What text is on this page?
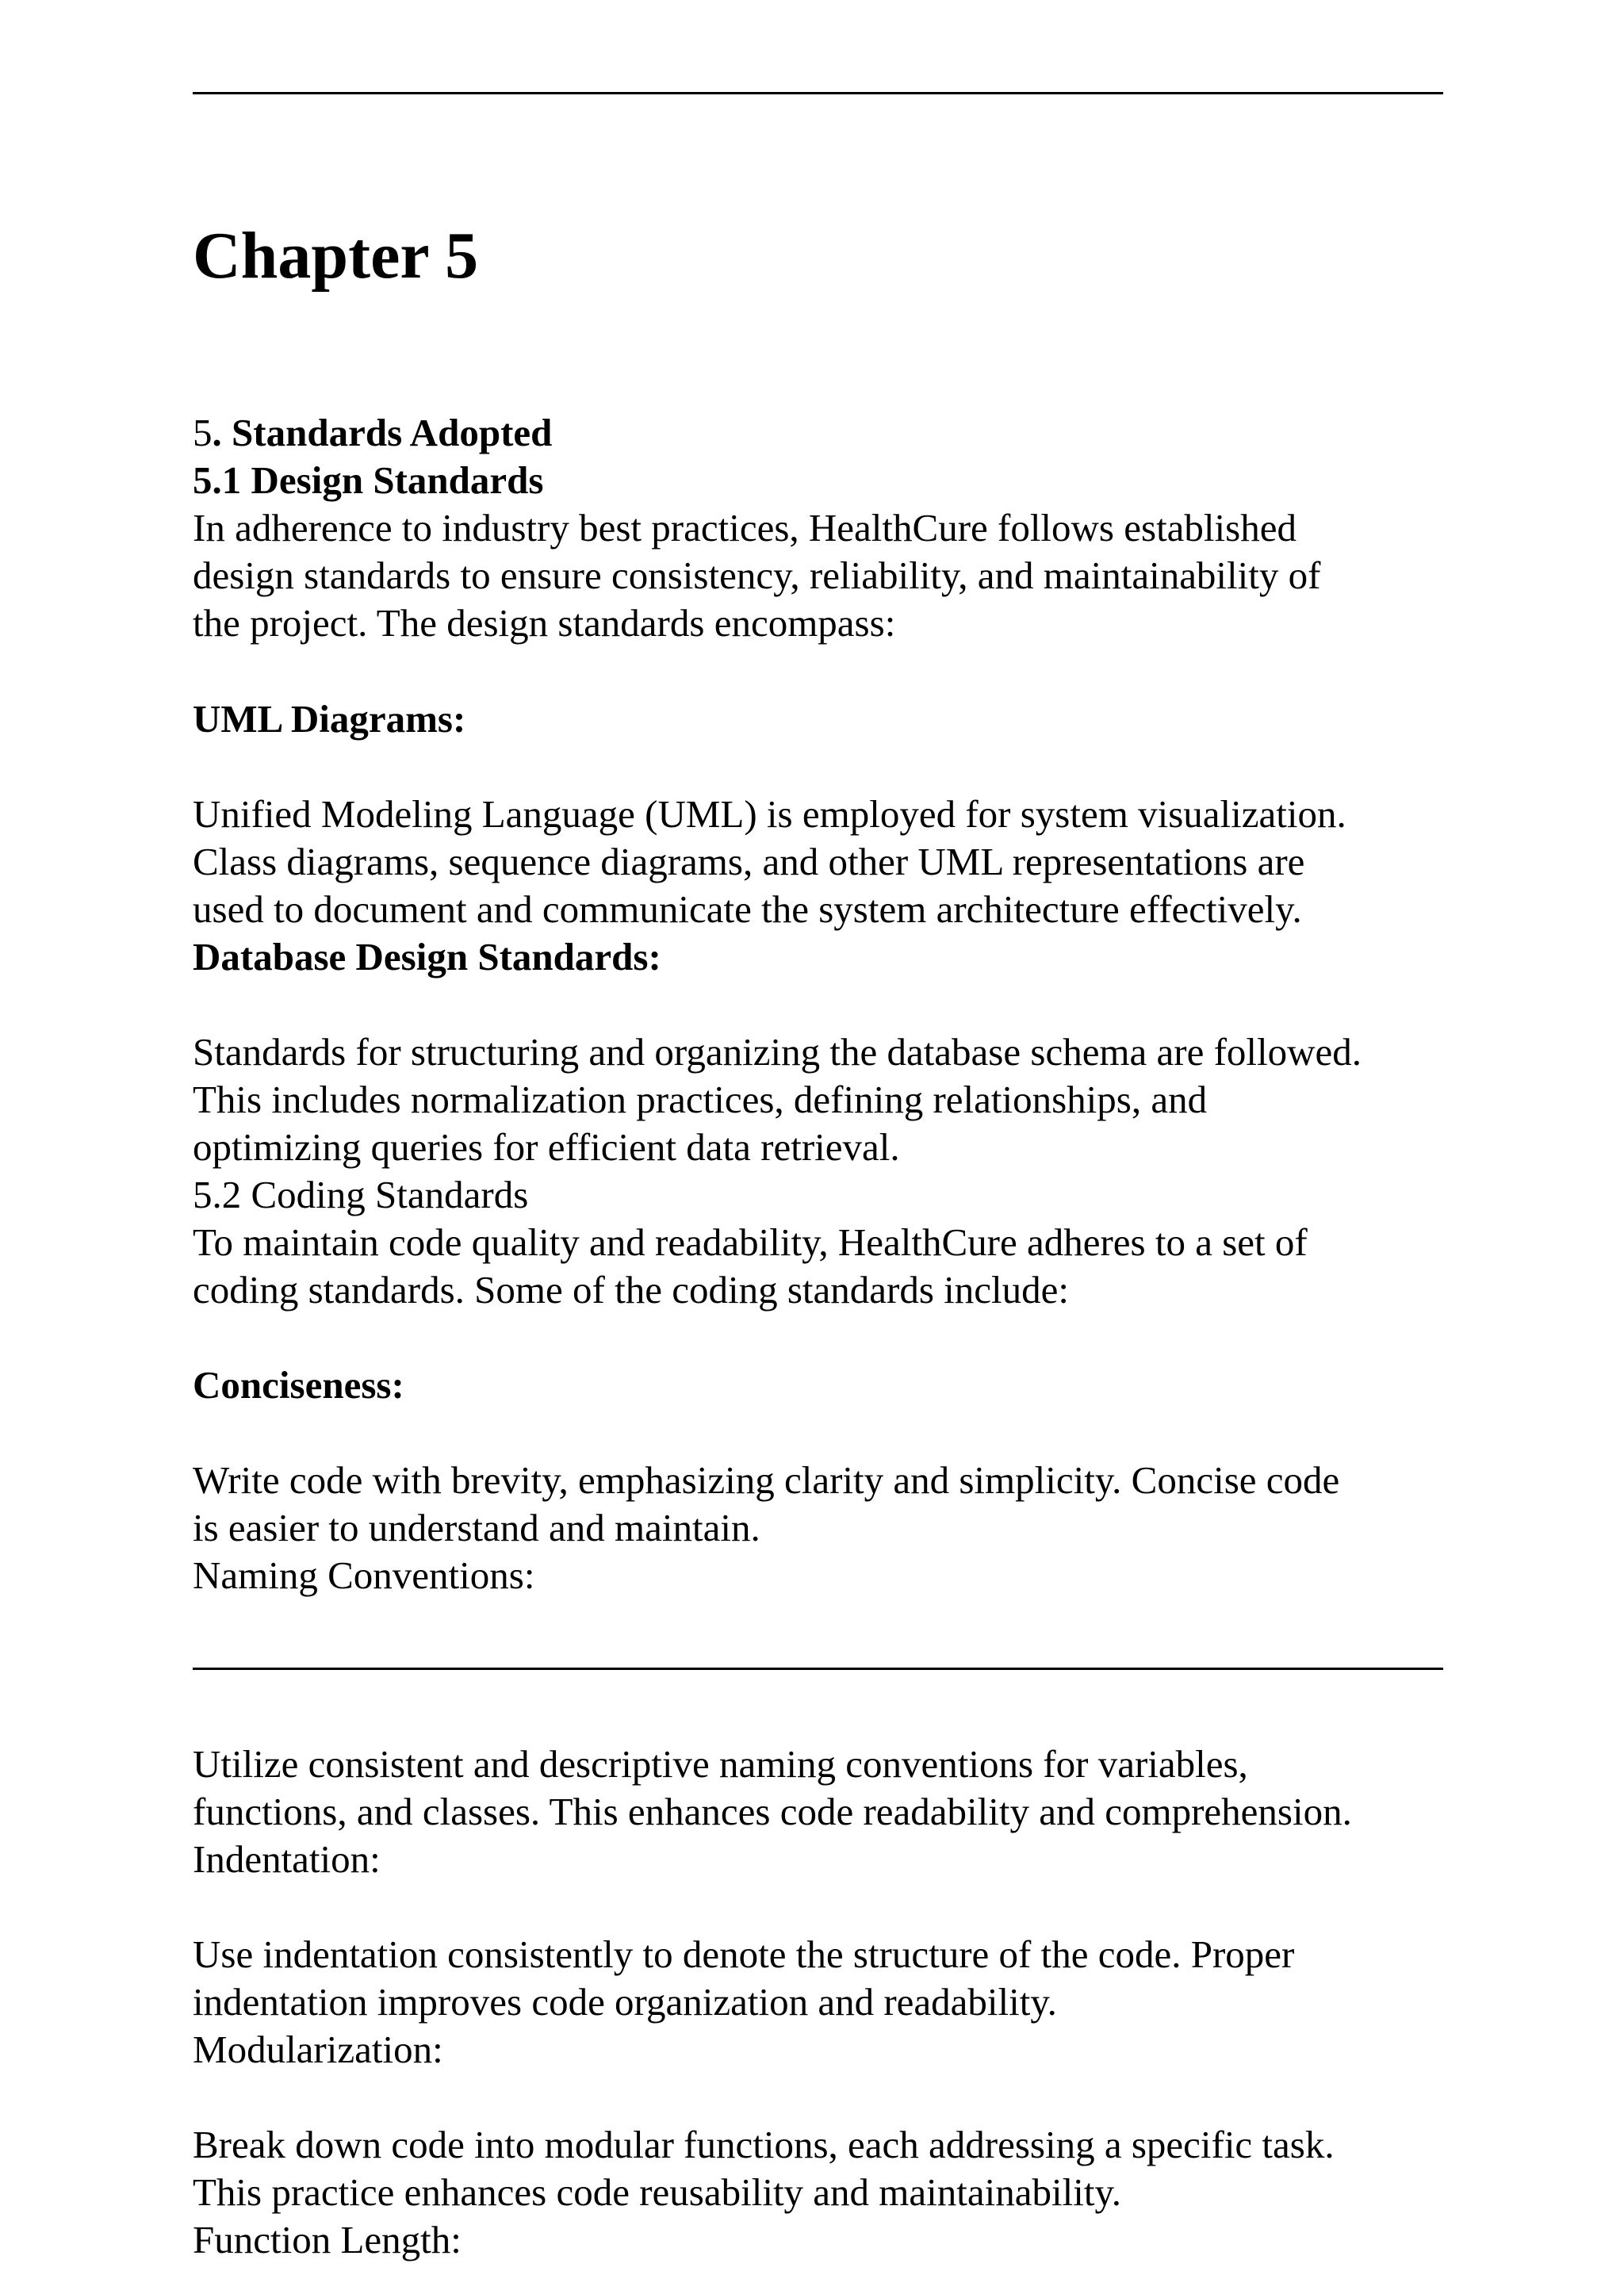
Chapter 5

5. Standards Adopted

5.1 Design Standards

In adherence to industry best practices, HealthCure follows established

design standards to ensure consistency, reliability, and maintainability of

the project. The design standards encompass:

UML Diagrams:

Unified Modeling Language (UML) is employed for system visualization.

Class diagrams, sequence diagrams, and other UML representations are

used to document and communicate the system architecture effectively.

Database Design Standards:

Standards for structuring and organizing the database schema are followed.

This includes normalization practices, defining relationships, and

optimizing queries for efficient data retrieval.

5.2 Coding Standards

To maintain code quality and readability, HealthCure adheres to a set of

coding standards. Some of the coding standards include:

Conciseness:

Write code with brevity, emphasizing clarity and simplicity. Concise code

is easier to understand and maintain.

Naming Conventions:

Utilize consistent and descriptive naming conventions for variables,

functions, and classes. This enhances code readability and comprehension.

Indentation:

Use indentation consistently to denote the structure of the code. Proper

indentation improves code organization and readability.

Modularization:

Break down code into modular functions, each addressing a specific task.

This practice enhances code reusability and maintainability.

Function Length:
